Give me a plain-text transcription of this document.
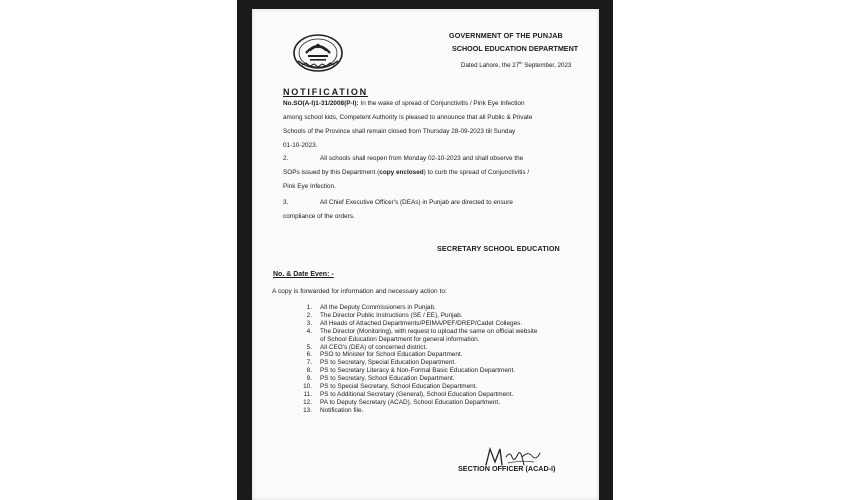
GOVERNMENT OF THE PUNJAB
SCHOOL EDUCATION DEPARTMENT
Dated Lahore, the 27th September, 2023
NOTIFICATION
No.SO(A-I)1-31/2008(P-I): In the wake of spread of Conjunctivitis / Pink Eye Infection
among school kids, Competent Authority is pleased to announce that all Public & Private
Schools of the Province shall remain closed from Thursday 28-09-2023 till Sunday
01-10-2023.
2.	All schools shall reopen from Monday 02-10-2023 and shall observe the
SOPs issued by this Department (copy enclosed) to curb the spread of Conjunctivitis /
Pink Eye Infection.
3.	All Chief Executive Officer's (DEAs) in Punjab are directed to ensure
compliance of the orders.
SECRETARY SCHOOL EDUCATION
No. & Date Even: -
A copy is forwarded for information and necessary action to:
1.	All the Deputy Commissioners in Punjab.
2.	The Director Public Instructions (SE / EE), Punjab.
3.	All Heads of Attached Departments/PEIMA/PEF/DREP/Cadet Colleges.
4.	The Director (Monitoring), with request to upload the same on official website
of School Education Department for general information.
5.	All CEO's (DEA) of concerned district.
6.	PSO to Minister for School Education Department.
7.	PS to Secretary, Special Education Department.
8.	PS to Secretary Literacy & Non-Formal Basic Education Department.
9.	PS to Secretary, School Education Department.
10.	PS to Special Secretary, School Education Department.
11.	PS to Additional Secretary (General), School Education Department.
12.	PA to Deputy Secretary (ACAD), School Education Department.
13.	Notification file.
SECTION OFFICER (ACAD-I)
